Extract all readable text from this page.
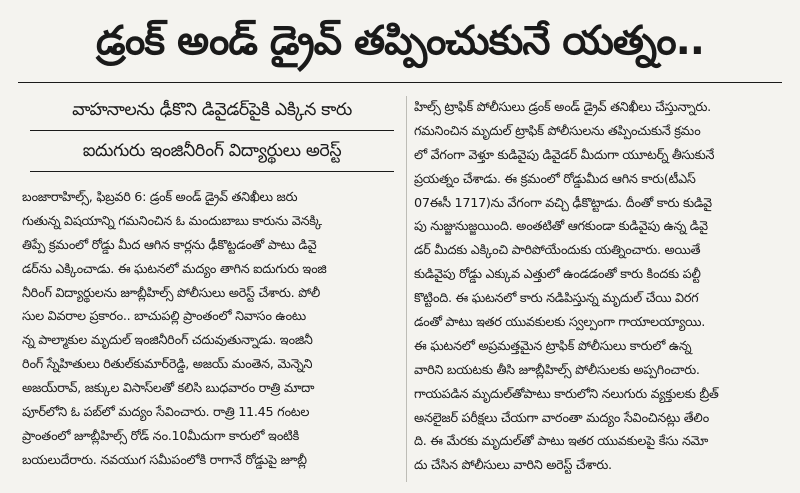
డ్రంక్ అండ్ డ్రైవ్ తప్పించుకునే యత్నం..
వాహనాలను ఢీకొని డివైడర్‌పైకి ఎక్కిన కారు
ఐదుగురు ఇంజినీరింగ్ విద్యార్థులు అరెస్ట్
బంజారాహిల్స్, ఫిబ్రవరి 6: డ్రంక్ అండ్ డ్రైవ్ తనిఖీలు జరు
గుతున్న విషయాన్ని గమనించిన ఓ మందుబాబు కారును వెనక్కి
తిప్పే క్రమంలో రోడ్డు మీద ఆగిన కార్లను ఢీకొట్టడంతో పాటు డివై
డర్‌ను ఎక్కించాడు. ఈ ఘటనలో మద్యం తాగిన ఐదుగురు ఇంజి
నీరింగ్ విద్యార్థులను జూబ్లీహిల్స్ పోలీసులు అరెస్ట్ చేశారు. పోలీ
సుల వివరాల ప్రకారం.. బాచుపల్లి ప్రాంతంలో నివాసం ఉంటు
న్న పాల్మాకుల మృదుల్ ఇంజినీరింగ్ చదువుతున్నాడు. ఇంజినీ
రింగ్ స్నేహితులు రితుల్‌కుమార్‌రెడ్డి, అజయ్ మంతెన, మెన్నెని
అజయ్‌రావ్, జక్కుల విసాస్‌లతో కలిసి బుధవారం రాత్రి మాదా
పూర్‌లోని ఓ పబ్‌లో మద్యం సేవించారు. రాత్రి 11.45 గంటల
ప్రాంతంలో జూబ్లీహిల్స్ రోడ్ నం.10మీదుగా కారులో ఇంటికి
బయలుదేరారు. నవయుగ సమీపంలోకి రాగానే రోడ్డుపై జూబ్లీ
హిల్స్ ట్రాఫిక్ పోలీసులు డ్రంక్ అండ్ డ్రైవ్ తనిఖీలు చేస్తున్నారు.
గమనించిన మృదుల్ ట్రాఫిక్ పోలీసులను తప్పించుకునే క్రమం
లో వేగంగా వెళ్తూ కుడివైపు డివైడర్ మీదుగా యూటర్న్ తీసుకునే
ప్రయత్నం చేశాడు. ఈ క్రమంలో రోడ్డుమీద ఆగిన కారు(టీఎస్
07ఈసీ 1717)ను వేగంగా వచ్చి ఢీకొట్టాడు. దీంతో కారు కుడివై
పు నుజ్జునుజ్జయింది. అంతటితో ఆగకుండా కుడివైపు ఉన్న డివై
డర్ మీదకు ఎక్కించి పారిపోయేందుకు యత్నించారు. అయితే
కుడివైపు రోడ్డు ఎక్కువ ఎత్తులో ఉండడంతో కారు కిందకు పల్టీ
కొట్టింది. ఈ ఘటనలో కారు నడిపిస్తున్న మృదుల్ చేయి విరగ
డంతో పాటు ఇతర యువకులకు స్వల్పంగా గాయాలయ్యాయి.
ఈ ఘటనలో అప్రమత్తమైన ట్రాఫిక్ పోలీసులు కారులో ఉన్న
వారిని బయటకు తీసి జూబ్లీహిల్స్ పోలీసులకు అప్పగించారు.
గాయపడిన మృదుల్‌తోపాటు కారులోని నలుగురు వ్యక్తులకు బ్రీత్
అనలైజర్ పరీక్షలు చేయగా వారంతా మద్యం సేవించినట్లు తేలిం
ది. ఈ మేరకు మృదుల్‌తో పాటు ఇతర యువకులపై కేసు నమో
దు చేసిన పోలీసులు వారిని అరెస్ట్ చేశారు.
